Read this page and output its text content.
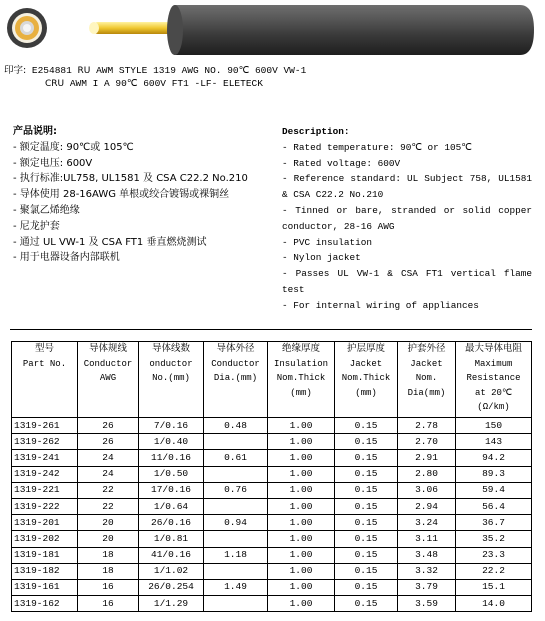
印字: E254881 RU AWM STYLE 1319 AWG NO. 90℃ 600V VW-1
CRU AWM I A 90℃ 600V FT1 -LF- ELETECK
产品说明:
- 额定温度: 90℃或 105℃
- 额定电压: 600V
- 执行标准:UL758, UL1581 及 CSA C22.2 No.210
- 导体使用 28-16AWG 单根或绞合镀锡或裸铜丝
- 聚氯乙烯绝缘
- 尼龙护套
- 通过 UL VW-1 及 CSA FT1 垂直燃烧测试
- 用于电器设备内部联机
Description:
- Rated temperature: 90℃ or 105℃
- Rated voltage: 600V
- Reference standard: UL Subject 758, UL1581 & CSA C22.2 No.210
- Tinned or bare, stranded or solid copper conductor, 28-16 AWG
- PVC insulation
- Nylon jacket
- Passes UL VW-1 & CSA FT1 vertical flame test
- For internal wiring of appliances
型号
Part No.	导体规线
Conductor
AWG	导体线数
onductor
No.(mm)	导体外径
Conductor
Dia.(mm)	绝缘厚度
Insulation
Nom.Thick
(mm)	护层厚度
Jacket
Nom.Thick
(mm)	护套外径
Jacket
Nom.
Dia(mm)	最大导体电阻
Maximum
Resistance
at 20℃
(Ω/km)

1319-261	26	7/0.16	0.48	1.00	0.15	2.78	150
1319-262	26	1/0.40		1.00	0.15	2.70	143
1319-241	24	11/0.16	0.61	1.00	0.15	2.91	94.2
1319-242	24	1/0.50		1.00	0.15	2.80	89.3
1319-221	22	17/0.16	0.76	1.00	0.15	3.06	59.4
1319-222	22	1/0.64		1.00	0.15	2.94	56.4
1319-201	20	26/0.16	0.94	1.00	0.15	3.24	36.7
1319-202	20	1/0.81		1.00	0.15	3.11	35.2
1319-181	18	41/0.16	1.18	1.00	0.15	3.48	23.3
1319-182	18	1/1.02		1.00	0.15	3.32	22.2
1319-161	16	26/0.254	1.49	1.00	0.15	3.79	15.1
1319-162	16	1/1.29		1.00	0.15	3.59	14.0
